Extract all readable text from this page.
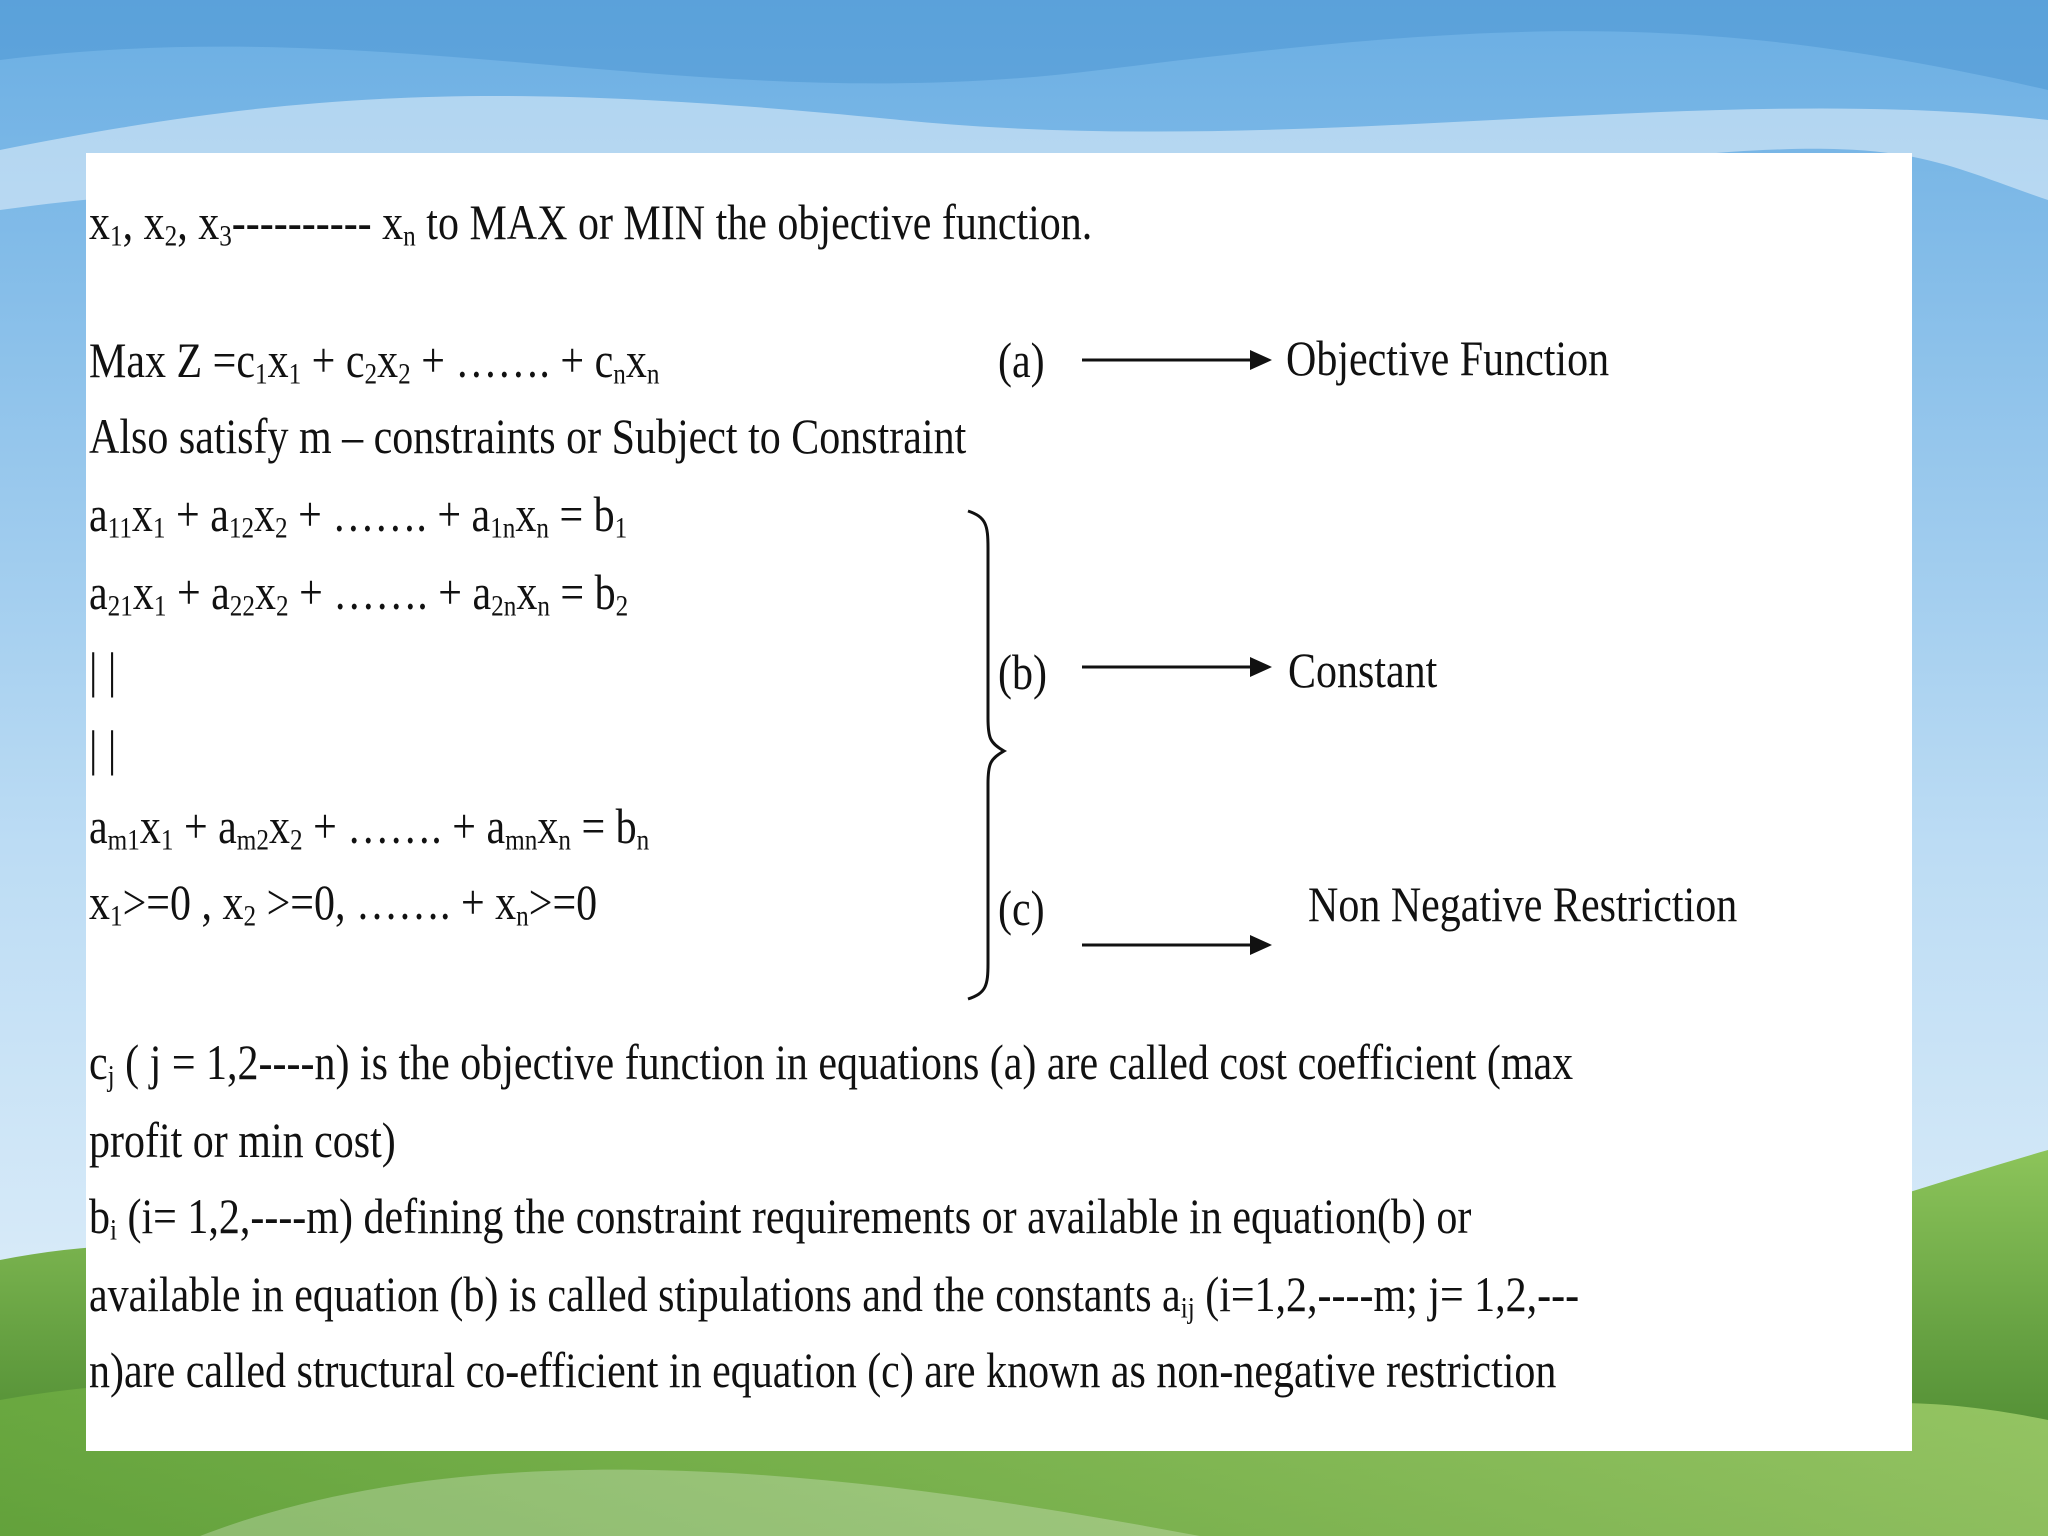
$x_1$, $x_2$, $x_3----------$ $x_n$ to MAX or MIN the objective function.
Max $Z =c_1x_1 + c_2x_2$ + ……. + $c_nx_n$
Also satisfy m – constraints or Subject to Constraint
$a_{11}x_1 + a_{12}x_2$ + ……. + $a_{1n}x_n = b_1$
$a_{21}x_1 + a_{22}x_2$ + ……. + $a_{2n}x_n = b_2$
| |
| |
$a_{m1}x_1 + a_{m2}x_2$ + ……. + $a_{mn}x_n = b_n$
$x_1>=0$ , $x_2 >=0$, ……. + $x_n>=0$
(a)	Objective Function
(b)	Constant
(c)	Non Negative Restriction
$c_j$ ( j = 1,2----n) is the objective function in equations (a) are called cost coefficient (max
profit or min cost)
$b_i$ (i= 1,2,----m) defining the constraint requirements or available in equation(b) or
available in equation (b) is called stipulations and the constants $a_{ij}$ (i=1,2,----m; j= 1,2,---
n)are called structural co-efficient in equation (c) are known as non-negative restriction
